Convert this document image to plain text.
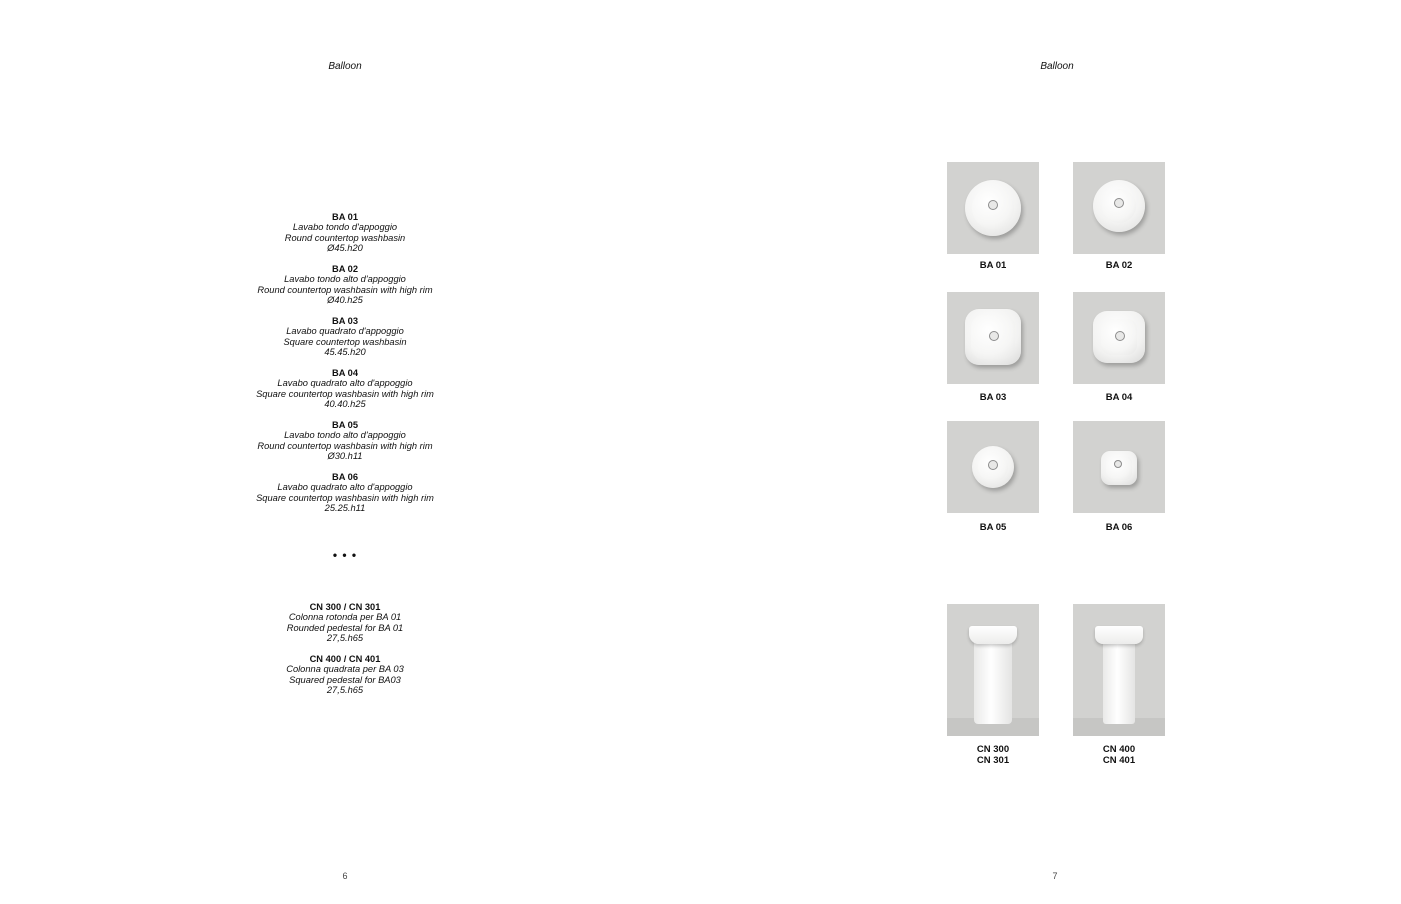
Balloon
BA 01
Lavabo tondo d'appoggio
Round countertop washbasin
Ø45.h20
BA 02
Lavabo tondo alto d'appoggio
Round countertop washbasin with high rim
Ø40.h25
BA 03
Lavabo quadrato d'appoggio
Square countertop washbasin
45.45.h20
BA 04
Lavabo quadrato alto d'appoggio
Square countertop washbasin with high rim
40.40.h25
BA 05
Lavabo tondo alto d'appoggio
Round countertop washbasin with high rim
Ø30.h11
BA 06
Lavabo quadrato alto d'appoggio
Square countertop washbasin with high rim
25.25.h11
• • •
CN 300 / CN 301
Colonna rotonda per BA 01
Rounded pedestal for BA 01
27,5.h65
CN 400 / CN 401
Colonna quadrata per BA 03
Squared pedestal for BA03
27,5.h65
6
Balloon
BA 01	BA 02
BA 03	BA 04
BA 05	BA 06
CN 300
CN 301
CN 400
CN 401
7
